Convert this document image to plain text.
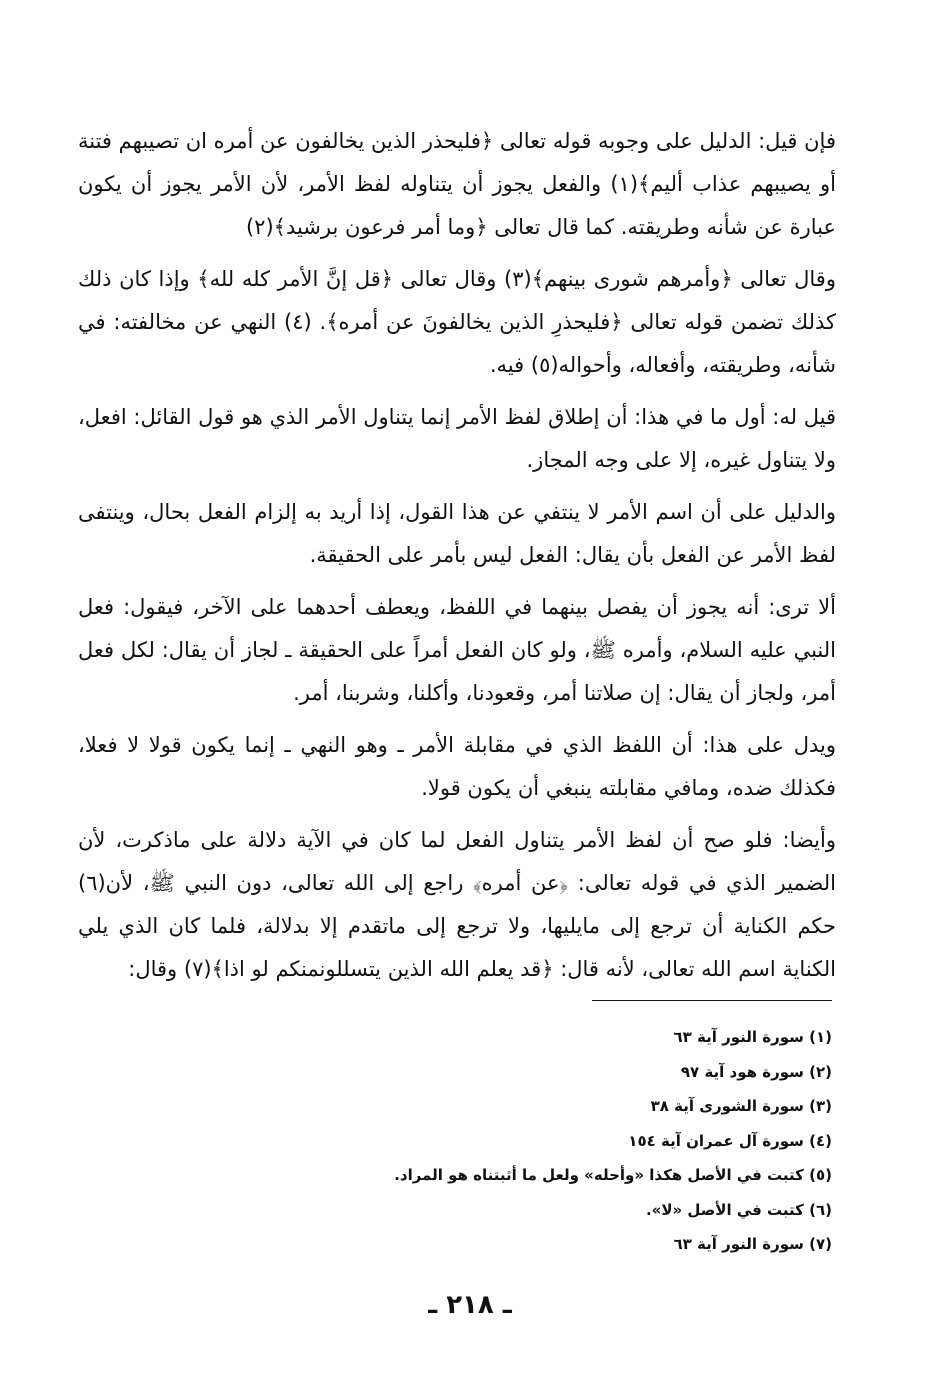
فإن قيل: الدليل على وجوبه قوله تعالى ﴿فليحذر الذين يخالفون عن أمره ان تصيبهم فتنة أو يصيبهم عذاب أليم﴾(١) والفعل يجوز أن يتناوله لفظ الأمر، لأن الأمر يجوز أن يكون عبارة عن شأنه وطريقته. كما قال تعالى ﴿وما أمر فرعون برشيد﴾(٢)

وقال تعالى ﴿وأمرهم شورى بينهم﴾(٣) وقال تعالى ﴿قل إنَّ الأمر كله لله﴾ وإذا كان ذلك كذلك تضمن قوله تعالى ﴿فليحذرِ الذين يخالفونَ عن أمره﴾. (٤) النهي عن مخالفته: في شأنه، وطريقته، وأفعاله، وأحواله(٥) فيه.

قيل له: أول ما في هذا: أن إطلاق لفظ الأمر إنما يتناول الأمر الذي هو قول القائل: افعل، ولا يتناول غيره، إلا على وجه المجاز.

والدليل على أن اسم الأمر لا ينتفي عن هذا القول، إذا أريد به إلزام الفعل بحال، وينتفى لفظ الأمر عن الفعل بأن يقال: الفعل ليس بأمر على الحقيقة.

ألا ترى: أنه يجوز أن يفصل بينهما في اللفظ، ويعطف أحدهما على الآخر، فيقول: فعل النبي عليه السلام، وأمره ﷺ، ولو كان الفعل أمراً على الحقيقة ـ لجاز أن يقال: لكل فعل أمر، ولجاز أن يقال: إن صلاتنا أمر، وقعودنا، وأكلنا، وشربنا، أمر.

ويدل على هذا: أن اللفظ الذي في مقابلة الأمر ـ وهو النهي ـ إنما يكون قولا لا فعلا، فكذلك ضده، ومافي مقابلته ينبغي أن يكون قولا.

وأيضا: فلو صح أن لفظ الأمر يتناول الفعل لما كان في الآية دلالة على ماذكرت، لأن الضمير الذي في قوله تعالى: ﴿عن أمره﴾ راجع إلى الله تعالى، دون النبي ﷺ، لأن(٦) حكم الكناية أن ترجع إلى مايليها، ولا ترجع إلى ماتقدم إلا بدلالة، فلما كان الذي يلي الكناية اسم الله تعالى، لأنه قال: ﴿قد يعلم الله الذين يتسللونمنكم لو اذا﴾(٧) وقال:

(١) سورة النور آية ٦٣
(٢) سورة هود آية ٩٧
(٣) سورة الشورى آية ٣٨
(٤) سورة آل عمران آية ١٥٤
(٥) كتبت في الأصل هكذا «وأحله» ولعل ما أثبتناه هو المراد.
(٦) كتبت في الأصل «لا».
(٧) سورة النور آية ٦٣
ـ ٢١٨ ـ
